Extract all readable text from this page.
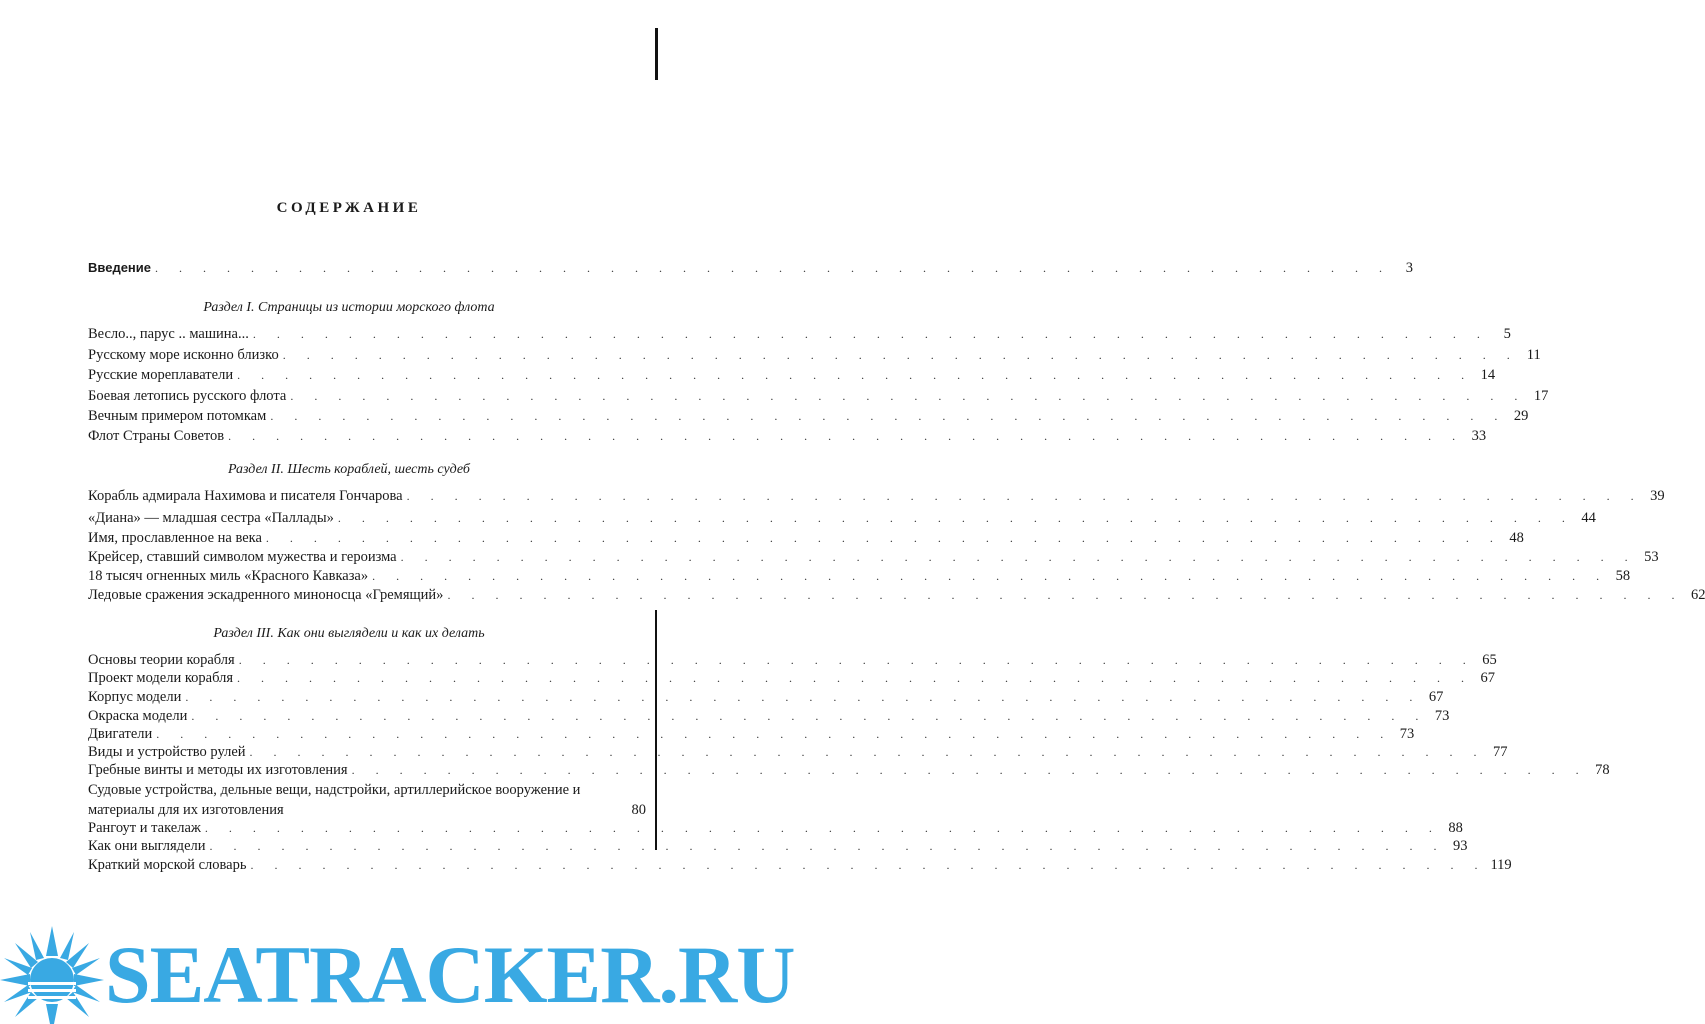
СОДЕРЖАНИЕ
Введение . . . . . . . . . . . . . . . . . . . . . . . . . . . . . . . . . . . . . . . . . . . . . . . . . . . .	3
Раздел I. Страницы из истории морского флота
Весло.., парус .. машина... . . . . . . . . . . . . . . . . . . . . . . . . . . . . . . . . . . . . . . . . . . . . . . . . . . . .	5
Русскому море исконно близко . . . . . . . . . . . . . . . . . . . . . . . . . . . . . . . . . . . . . . . . . . . . . . . . . . . . 11
Русские мореплаватели . . . . . . . . . . . . . . . . . . . . . . . . . . . . . . . . . . . . . . . . . . . . . . . . . . . . 14
Боевая летопись русского флота . . . . . . . . . . . . . . . . . . . . . . . . . . . . . . . . . . . . . . . . . . . . . . . . . . . . 17
Вечным примером потомкам . . . . . . . . . . . . . . . . . . . . . . . . . . . . . . . . . . . . . . . . . . . . . . . . . . . . 29
Флот Страны Советов . . . . . . . . . . . . . . . . . . . . . . . . . . . . . . . . . . . . . . . . . . . . . . . . . . . . 33
Раздел II. Шесть кораблей, шесть судеб
Корабль адмирала Нахимова и писателя Гончарова . . . . . . . . . . . . . . . . . . . . . . . . . . . . . . . . . . . . . . . . . . . . . . . . . . . . 39
«Диана» — младшая сестра «Паллады» . . . . . . . . . . . . . . . . . . . . . . . . . . . . . . . . . . . . . . . . . . . . . . . . . . . . 44
Имя, прославленное на века . . . . . . . . . . . . . . . . . . . . . . . . . . . . . . . . . . . . . . . . . . . . . . . . . . . . 48
Крейсер, ставший символом мужества и героизма . . . . . . . . . . . . . . . . . . . . . . . . . . . . . . . . . . . . . . . . . . . . . . . . . . . . 53
18 тысяч огненных миль «Красного Кавказа» . . . . . . . . . . . . . . . . . . . . . . . . . . . . . . . . . . . . . . . . . . . . . . . . . . . . 58
Ледовые сражения эскадренного миноносца «Гремящий» . . . . . . . . . . . . . . . . . . . . . . . . . . . . . . . . . . . . . . . . . . . . . . . . . . . . 62
Раздел III. Как они выглядели и как их делать
Основы теории корабля . . . . . . . . . . . . . . . . . . . . . . . . . . . . . . . . . . . . . . . . . . . . . . . . . . . . 65
Проект модели корабля . . . . . . . . . . . . . . . . . . . . . . . . . . . . . . . . . . . . . . . . . . . . . . . . . . . . 67
Корпус модели . . . . . . . . . . . . . . . . . . . . . . . . . . . . . . . . . . . . . . . . . . . . . . . . . . . . 67
Окраска модели . . . . . . . . . . . . . . . . . . . . . . . . . . . . . . . . . . . . . . . . . . . . . . . . . . . . 73
Двигатели . . . . . . . . . . . . . . . . . . . . . . . . . . . . . . . . . . . . . . . . . . . . . . . . . . . . 73
Виды и устройство рулей . . . . . . . . . . . . . . . . . . . . . . . . . . . . . . . . . . . . . . . . . . . . . . . . . . . . 77
Гребные винты и методы их изготовления . . . . . . . . . . . . . . . . . . . . . . . . . . . . . . . . . . . . . . . . . . . . . . . . . . . . 78
Судовые устройства, дельные вещи, надстройки, артиллерийское вооружение и материалы для их изготовления	80
Рангоут и такелаж . . . . . . . . . . . . . . . . . . . . . . . . . . . . . . . . . . . . . . . . . . . . . . . . . . . . 88
Как они выглядели . . . . . . . . . . . . . . . . . . . . . . . . . . . . . . . . . . . . . . . . . . . . . . . . . . . . 93
Краткий морской словарь . . . . . . . . . . . . . . . . . . . . . . . . . . . . . . . . . . . . . . . . . . . . . . . . . . . . 119
SEATRACKER.RU
